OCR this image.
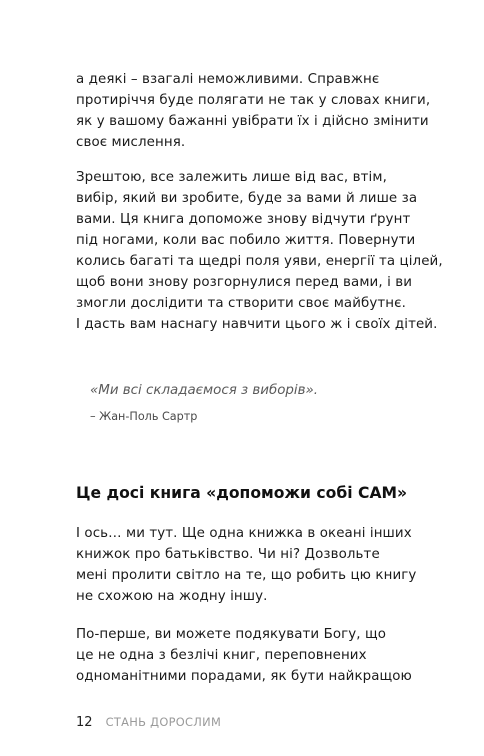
а деякі – взагалі неможливими. Справжнє
протиріччя буде полягати не так у словах книги,
як у вашому бажанні увібрати їх і дійсно змінити
своє мислення.

Зрештою, все залежить лише від вас, втім,
вибір, який ви зробите, буде за вами й лише за
вами. Ця книга допоможе знову відчути ґрунт
під ногами, коли вас побило життя. Повернути
колись багаті та щедрі поля уяви, енергії та цілей,
щоб вони знову розгорнулися перед вами, і ви
змогли дослідити та створити своє майбутнє.
І дасть вам наснагу навчити цього ж і своїх дітей.

«Ми всі складаємося з виборів».
– Жан-Поль Сартр
Це досі книга «допоможи собі САМ»

І ось… ми тут. Ще одна книжка в океані інших
книжок про батьківство. Чи ні? Дозвольте
мені пролити світло на те, що робить цю книгу
не схожою на жодну іншу.

По-перше, ви можете подякувати Богу, що
це не одна з безлічі книг, переповнених
одноманітними порадами, як бути найкращою

12 СТАНЬ ДОРОСЛИМ
